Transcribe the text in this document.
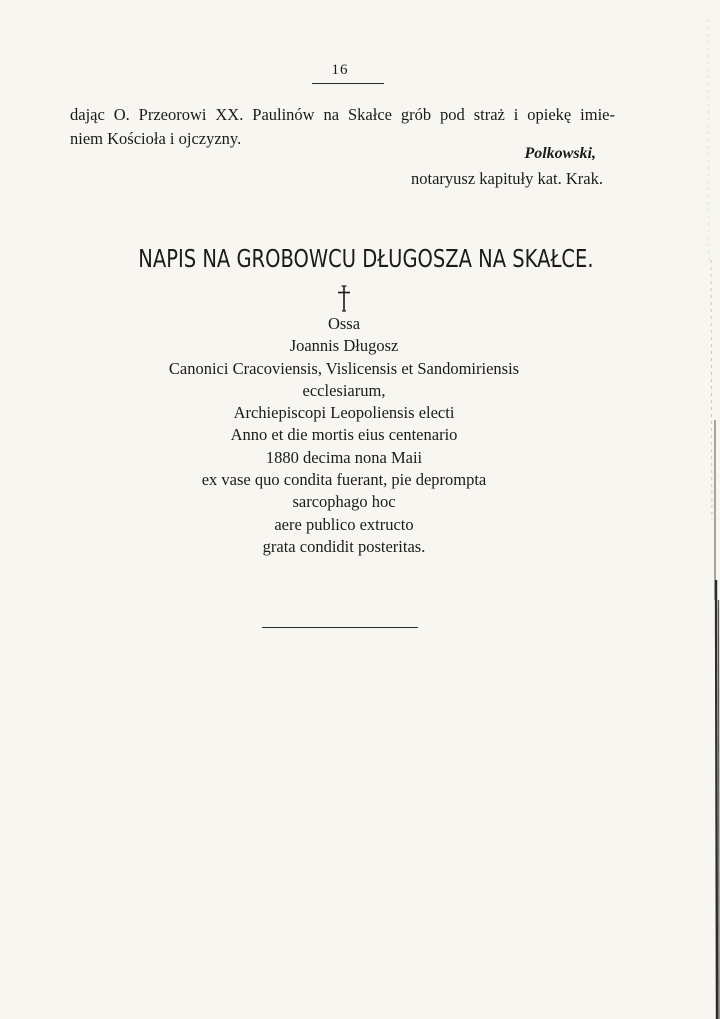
16
dając O. Przeorowi XX. Paulinów na Skałce grób pod straż i opiekę imie-
niem Kościoła i ojczyzny.
Polkowski,
notaryusz kapituły kat. Krak.
NAPIS NA GROBOWCU DŁUGOSZA NA SKAŁCE.
Ossa
Joannis Długosz
Canonici Cracoviensis, Vislicensis et Sandomiriensis
ecclesiarum,
Archiepiscopi Leopoliensis electi
Anno et die mortis eius centenario
1880 decima nona Maii
ex vase quo condita fuerant, pie deprompta
sarcophago hoc
aere publico extructo
grata condidit posteritas.
